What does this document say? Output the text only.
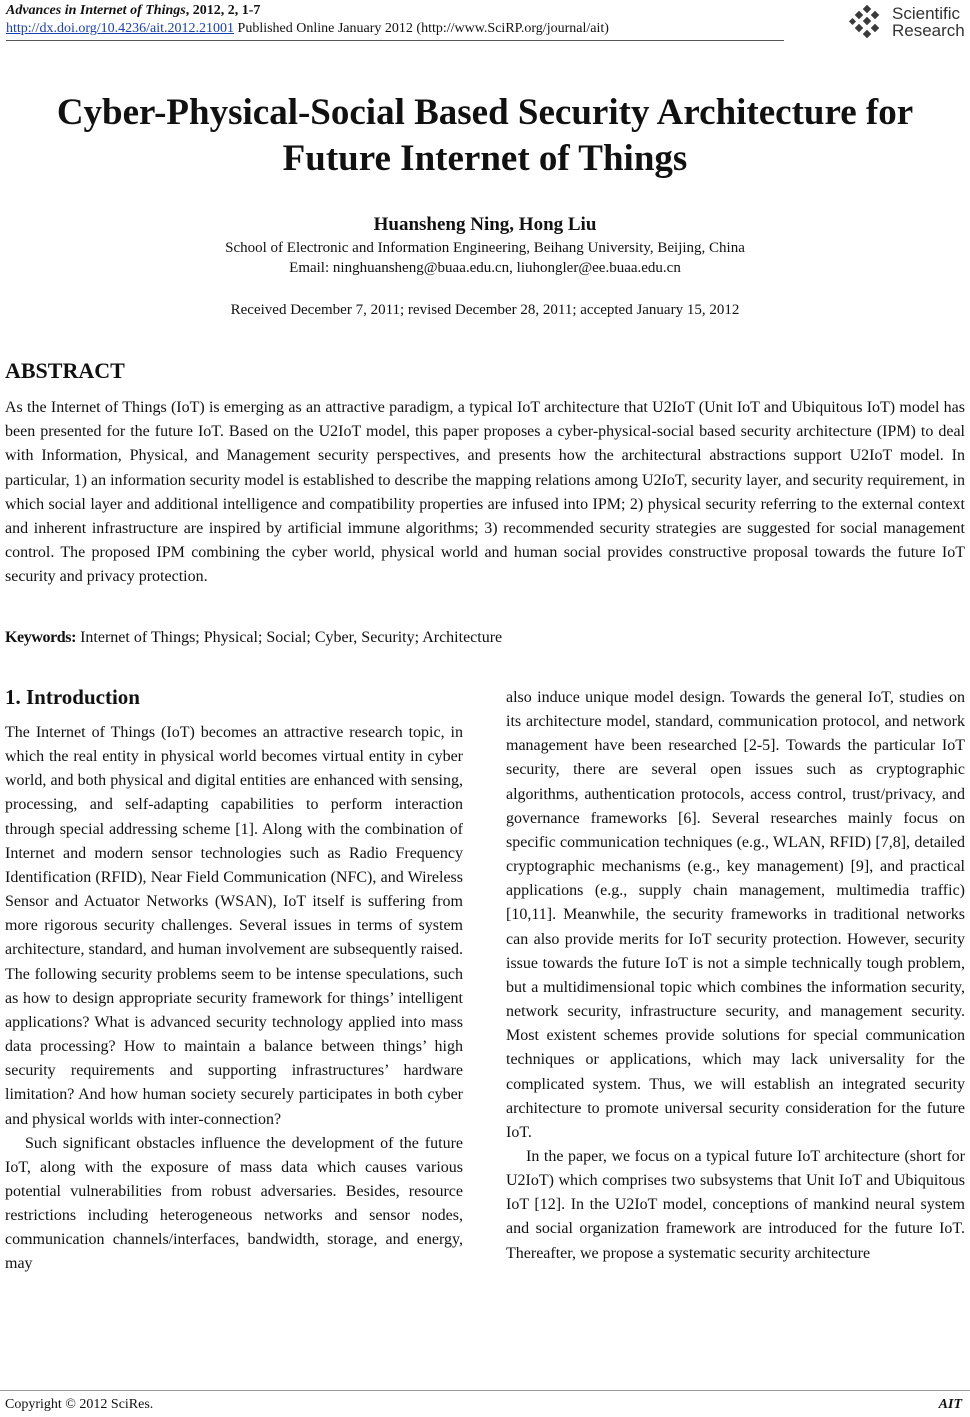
Advances in Internet of Things, 2012, 2, 1-7
http://dx.doi.org/10.4236/ait.2012.21001 Published Online January 2012 (http://www.SciRP.org/journal/ait)
Scientific
Research
Cyber-Physical-Social Based Security Architecture for
Future Internet of Things
Huansheng Ning, Hong Liu
School of Electronic and Information Engineering, Beihang University, Beijing, China
Email: ninghuansheng@buaa.edu.cn, liuhongler@ee.buaa.edu.cn
Received December 7, 2011; revised December 28, 2011; accepted January 15, 2012
ABSTRACT
As the Internet of Things (IoT) is emerging as an attractive paradigm, a typical IoT architecture that U2IoT (Unit IoT and Ubiquitous IoT) model has been presented for the future IoT. Based on the U2IoT model, this paper proposes a cyber-physical-social based security architecture (IPM) to deal with Information, Physical, and Management security perspectives, and presents how the architectural abstractions support U2IoT model. In particular, 1) an information security model is established to describe the mapping relations among U2IoT, security layer, and security requirement, in which social layer and additional intelligence and compatibility properties are infused into IPM; 2) physical security referring to the external context and inherent infrastructure are inspired by artificial immune algorithms; 3) recommended security strategies are suggested for social management control. The proposed IPM combining the cyber world, physical world and human social provides constructive proposal towards the future IoT security and privacy protection.
Keywords: Internet of Things; Physical; Social; Cyber, Security; Architecture
1. Introduction

The Internet of Things (IoT) becomes an attractive research topic, in which the real entity in physical world becomes virtual entity in cyber world, and both physical and digital entities are enhanced with sensing, processing, and self-adapting capabilities to perform interaction through special addressing scheme [1]. Along with the combination of Internet and modern sensor technologies such as Radio Frequency Identification (RFID), Near Field Communication (NFC), and Wireless Sensor and Actuator Networks (WSAN), IoT itself is suffering from more rigorous security challenges. Several issues in terms of system architecture, standard, and human involvement are subsequently raised. The following security problems seem to be intense speculations, such as how to design appropriate security framework for things’ intelligent applications? What is advanced security technology applied into mass data processing? How to maintain a balance between things’ high security requirements and supporting infrastructures’ hardware limitation? And how human society securely participates in both cyber and physical worlds with inter-connection?

Such significant obstacles influence the development of the future IoT, along with the exposure of mass data which causes various potential vulnerabilities from robust adversaries. Besides, resource restrictions including heterogeneous networks and sensor nodes, communication channels/interfaces, bandwidth, storage, and energy, may

also induce unique model design. Towards the general IoT, studies on its architecture model, standard, communication protocol, and network management have been researched [2-5]. Towards the particular IoT security, there are several open issues such as cryptographic algorithms, authentication protocols, access control, trust/privacy, and governance frameworks [6]. Several researches mainly focus on specific communication techniques (e.g., WLAN, RFID) [7,8], detailed cryptographic mechanisms (e.g., key management) [9], and practical applications (e.g., supply chain management, multimedia traffic) [10,11]. Meanwhile, the security frameworks in traditional networks can also provide merits for IoT security protection. However, security issue towards the future IoT is not a simple technically tough problem, but a multidimensional topic which combines the information security, network security, infrastructure security, and management security. Most existent schemes provide solutions for special communication techniques or applications, which may lack universality for the complicated system. Thus, we will establish an integrated security architecture to promote universal security consideration for the future IoT.

In the paper, we focus on a typical future IoT architecture (short for U2IoT) which comprises two subsystems that Unit IoT and Ubiquitous IoT [12]. In the U2IoT model, conceptions of mankind neural system and social organization framework are introduced for the future IoT. Thereafter, we propose a systematic security architecture

Copyright © 2012 SciRes.	AIT
